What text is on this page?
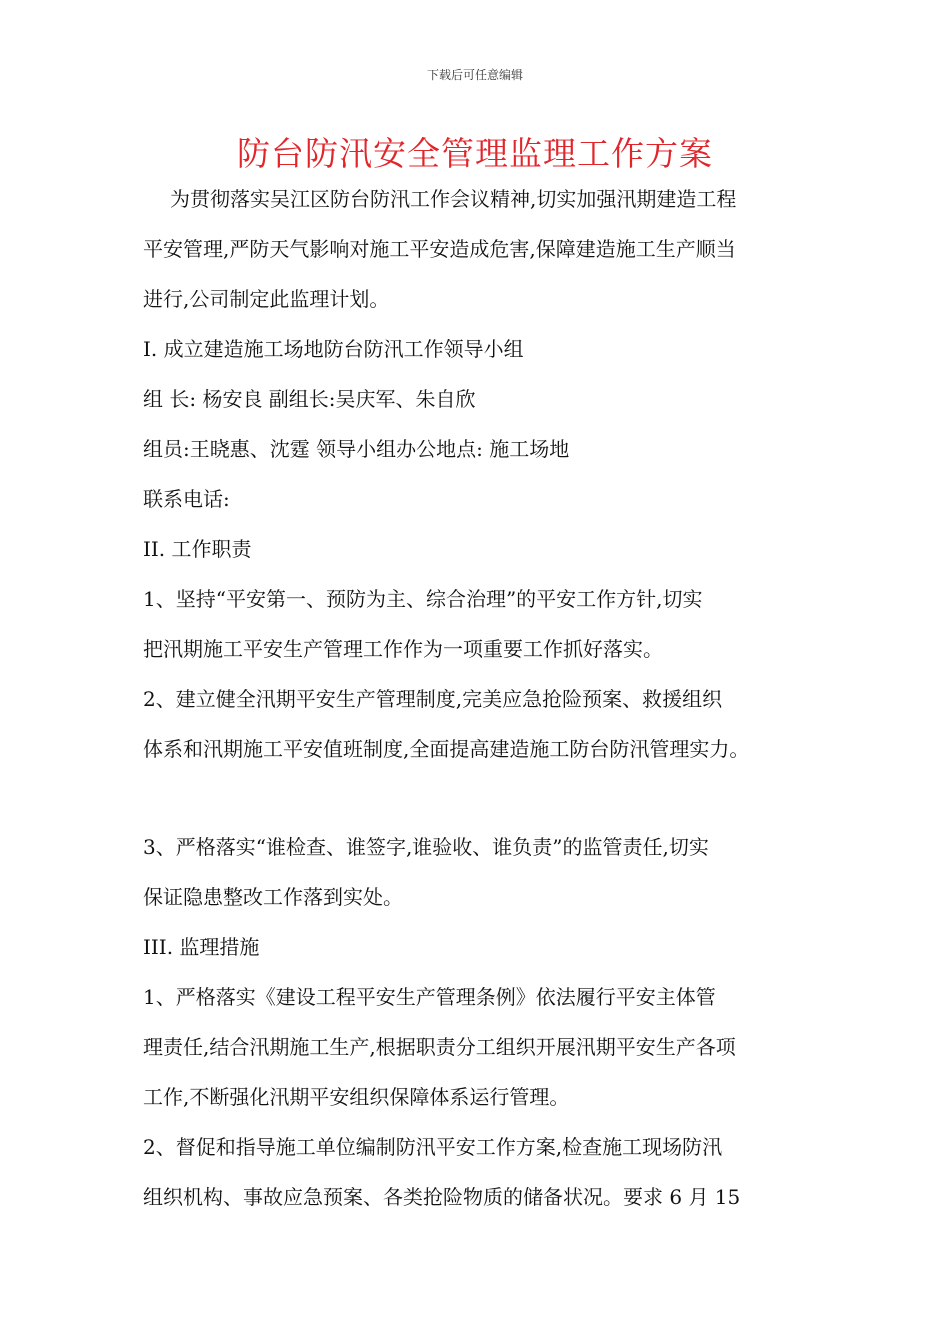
下载后可任意编辑
防台防汛安全管理监理工作方案
为贯彻落实吴江区防台防汛工作会议精神,切实加强汛期建造工程
平安管理,严防天气影响对施工平安造成危害,保障建造施工生产顺当
进行,公司制定此监理计划。
I. 成立建造施工场地防台防汛工作领导小组
组 长: 杨安良 副组长:吴庆军、朱自欣
组员:王晓惠、沈霆 领导小组办公地点: 施工场地
联系电话:
II. 工作职责
1、坚持“平安第一、预防为主、综合治理”的平安工作方针,切实
把汛期施工平安生产管理工作作为一项重要工作抓好落实。
2、建立健全汛期平安生产管理制度,完美应急抢险预案、救援组织
体系和汛期施工平安值班制度,全面提高建造施工防台防汛管理实力。
3、严格落实“谁检查、谁签字,谁验收、谁负责”的监管责任,切实
保证隐患整改工作落到实处。
III. 监理措施
1、严格落实《建设工程平安生产管理条例》依法履行平安主体管
理责任,结合汛期施工生产,根据职责分工组织开展汛期平安生产各项
工作,不断强化汛期平安组织保障体系运行管理。
2、督促和指导施工单位编制防汛平安工作方案,检查施工现场防汛
组织机构、事故应急预案、各类抢险物质的储备状况。要求 6 月 15
